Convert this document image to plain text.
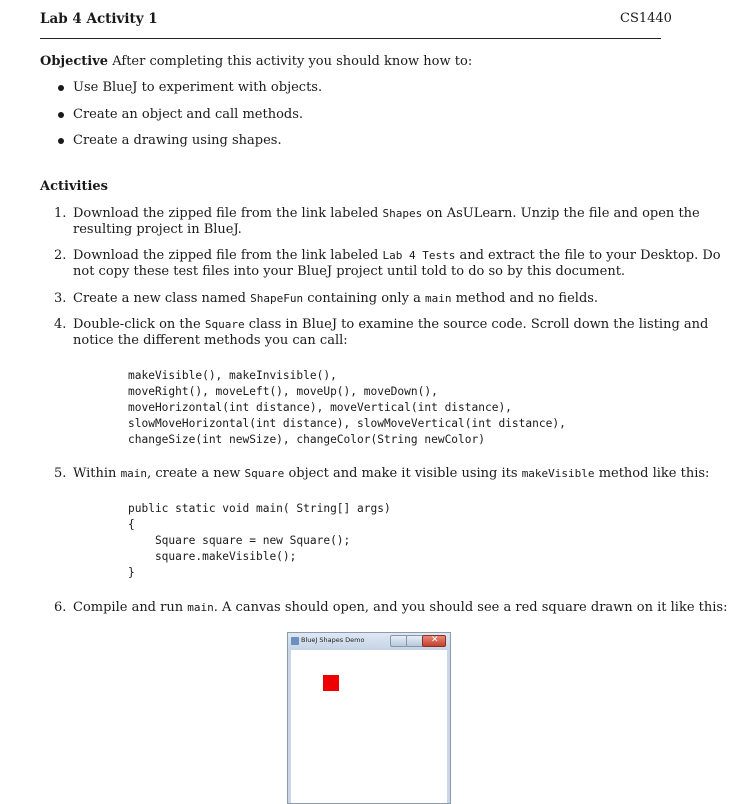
Lab 4 Activity 1	CS1440
Objective After completing this activity you should know how to:
Use BlueJ to experiment with objects.
Create an object and call methods.
Create a drawing using shapes.
Activities
1. Download the zipped file from the link labeled Shapes on AsULearn. Unzip the file and open the
resulting project in BlueJ.
2. Download the zipped file from the link labeled Lab 4 Tests and extract the file to your Desktop. Do
not copy these test files into your BlueJ project until told to do so by this document.
3. Create a new class named ShapeFun containing only a main method and no fields.
4. Double-click on the Square class in BlueJ to examine the source code. Scroll down the listing and
notice the different methods you can call:
makeVisible(), makeInvisible(),
moveRight(), moveLeft(), moveUp(), moveDown(),
moveHorizontal(int distance), moveVertical(int distance),
slowMoveHorizontal(int distance), slowMoveVertical(int distance),
changeSize(int newSize), changeColor(String newColor)
5. Within main, create a new Square object and make it visible using its makeVisible method like this:
public static void main( String[] args)
{
Square square = new Square();
square.makeVisible();
}
6. Compile and run main. A canvas should open, and you should see a red square drawn on it like this:
BlueJ Shapes Demo	✕
